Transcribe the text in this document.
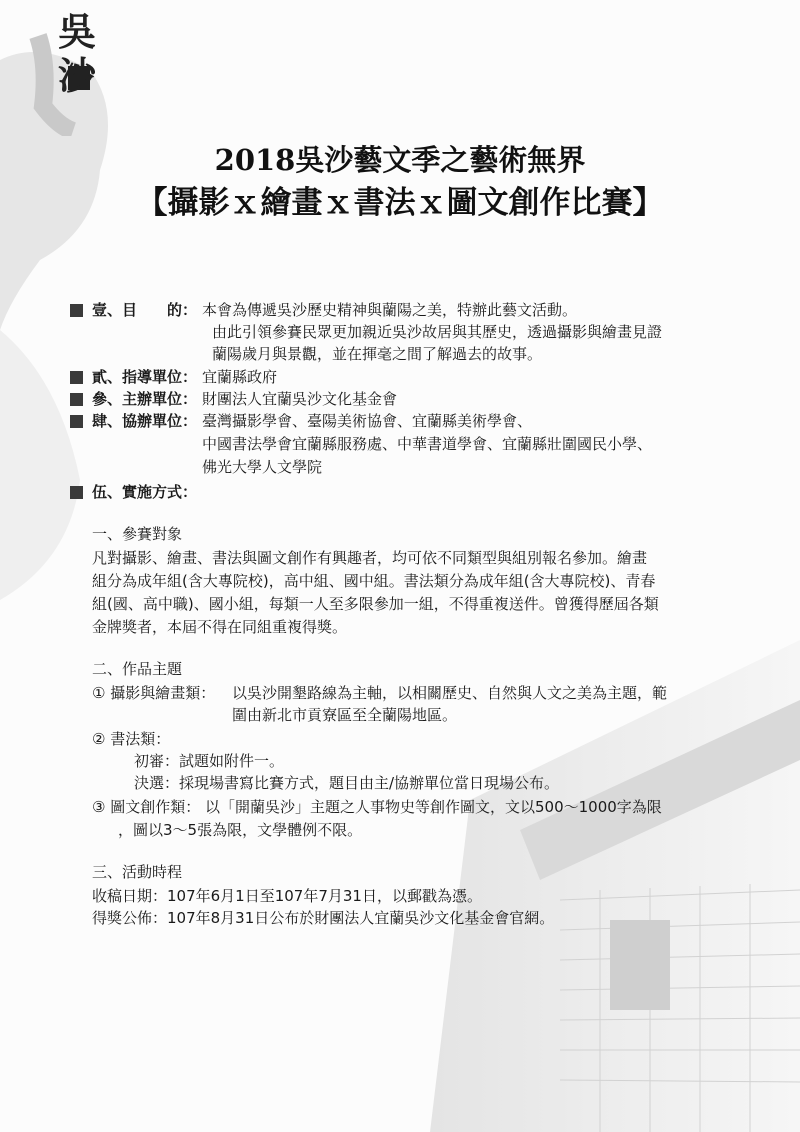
吳沙
2018吳沙藝文季之藝術無界
【攝影ｘ繪畫ｘ書法ｘ圖文創作比賽】
壹、目　　的： 本會為傳遞吳沙歷史精神與蘭陽之美，特辦此藝文活動。
由此引領參賽民眾更加親近吳沙故居與其歷史，透過攝影與繪畫見證
蘭陽歲月與景觀，並在揮毫之間了解過去的故事。
貳、指導單位： 宜蘭縣政府
參、主辦單位： 財團法人宜蘭吳沙文化基金會
肆、協辦單位： 臺灣攝影學會、臺陽美術協會、宜蘭縣美術學會、
中國書法學會宜蘭縣服務處、中華書道學會、宜蘭縣壯圍國民小學、
佛光大學人文學院
伍、實施方式：
一、參賽對象
凡對攝影、繪畫、書法與圖文創作有興趣者，均可依不同類型與組別報名參加。繪畫
組分為成年組(含大專院校)，高中組、國中組。書法類分為成年組(含大專院校)、青春
組(國、高中職)、國小組，每類一人至多限參加一組，不得重複送件。曾獲得歷屆各類
金牌獎者，本屆不得在同組重複得獎。
二、作品主題
① 攝影與繪畫類： 以吳沙開墾路線為主軸，以相關歷史、自然與人文之美為主題，範
圍由新北市貢寮區至全蘭陽地區。
② 書法類：
初審：試題如附件一。
決選：採現場書寫比賽方式，題目由主/協辦單位當日現場公布。
③ 圖文創作類： 以「開蘭吳沙」主題之人事物史等創作圖文，文以500～1000字為限
，圖以3～5張為限，文學體例不限。
三、活動時程
收稿日期：107年6月1日至107年7月31日，以郵戳為憑。
得獎公佈：107年8月31日公布於財團法人宜蘭吳沙文化基金會官網。
